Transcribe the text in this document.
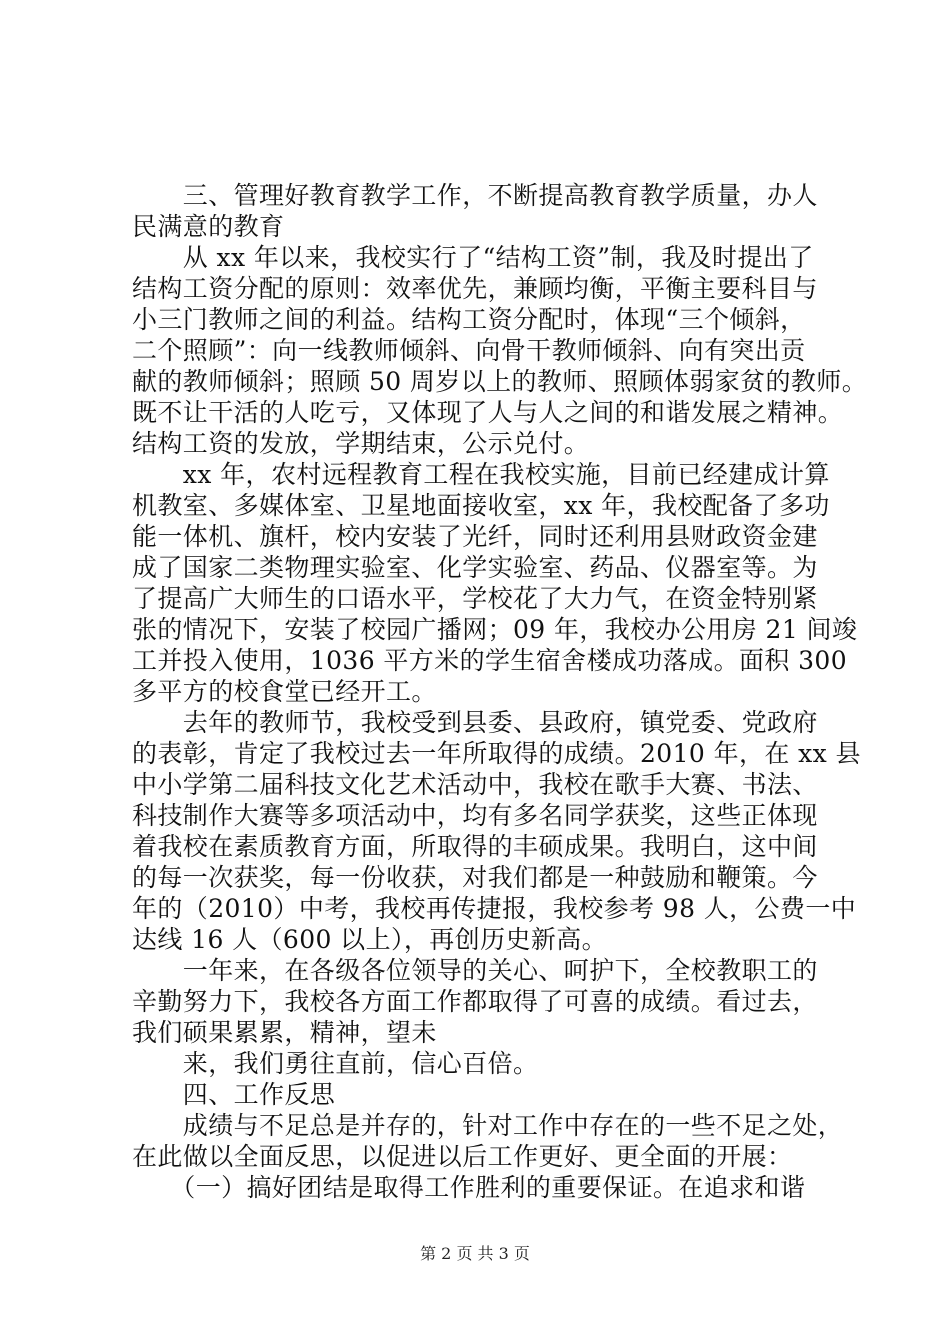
　　三、管理好教育教学工作，不断提高教育教学质量，办人
民满意的教育
　　从 xx 年以来，我校实行了“结构工资”制，我及时提出了
结构工资分配的原则：效率优先，兼顾均衡，平衡主要科目与
小三门教师之间的利益。结构工资分配时，体现“三个倾斜，
二个照顾”：向一线教师倾斜、向骨干教师倾斜、向有突出贡
献的教师倾斜；照顾 50 周岁以上的教师、照顾体弱家贫的教师。
既不让干活的人吃亏，又体现了人与人之间的和谐发展之精神。
结构工资的发放，学期结束，公示兑付。
　　xx 年，农村远程教育工程在我校实施，目前已经建成计算
机教室、多媒体室、卫星地面接收室，xx 年，我校配备了多功
能一体机、旗杆，校内安装了光纤，同时还利用县财政资金建
成了国家二类物理实验室、化学实验室、药品、仪器室等。为
了提高广大师生的口语水平，学校花了大力气，在资金特别紧
张的情况下，安装了校园广播网；09 年，我校办公用房 21 间竣
工并投入使用，1036 平方米的学生宿舍楼成功落成。面积 300
多平方的校食堂已经开工。
　　去年的教师节，我校受到县委、县政府，镇党委、党政府
的表彰，肯定了我校过去一年所取得的成绩。2010 年，在 xx 县
中小学第二届科技文化艺术活动中，我校在歌手大赛、书法、
科技制作大赛等多项活动中，均有多名同学获奖，这些正体现
着我校在素质教育方面，所取得的丰硕成果。我明白，这中间
的每一次获奖，每一份收获，对我们都是一种鼓励和鞭策。今
年的（2010）中考，我校再传捷报，我校参考 98 人，公费一中
达线 16 人（600 以上），再创历史新高。
　　一年来，在各级各位领导的关心、呵护下，全校教职工的
辛勤努力下，我校各方面工作都取得了可喜的成绩。看过去，
我们硕果累累，精神，望未
　　来，我们勇往直前，信心百倍。
　　四、工作反思
　　成绩与不足总是并存的，针对工作中存在的一些不足之处，
在此做以全面反思，以促进以后工作更好、更全面的开展：
　　（一）搞好团结是取得工作胜利的重要保证。在追求和谐
第 2 页 共 3 页
